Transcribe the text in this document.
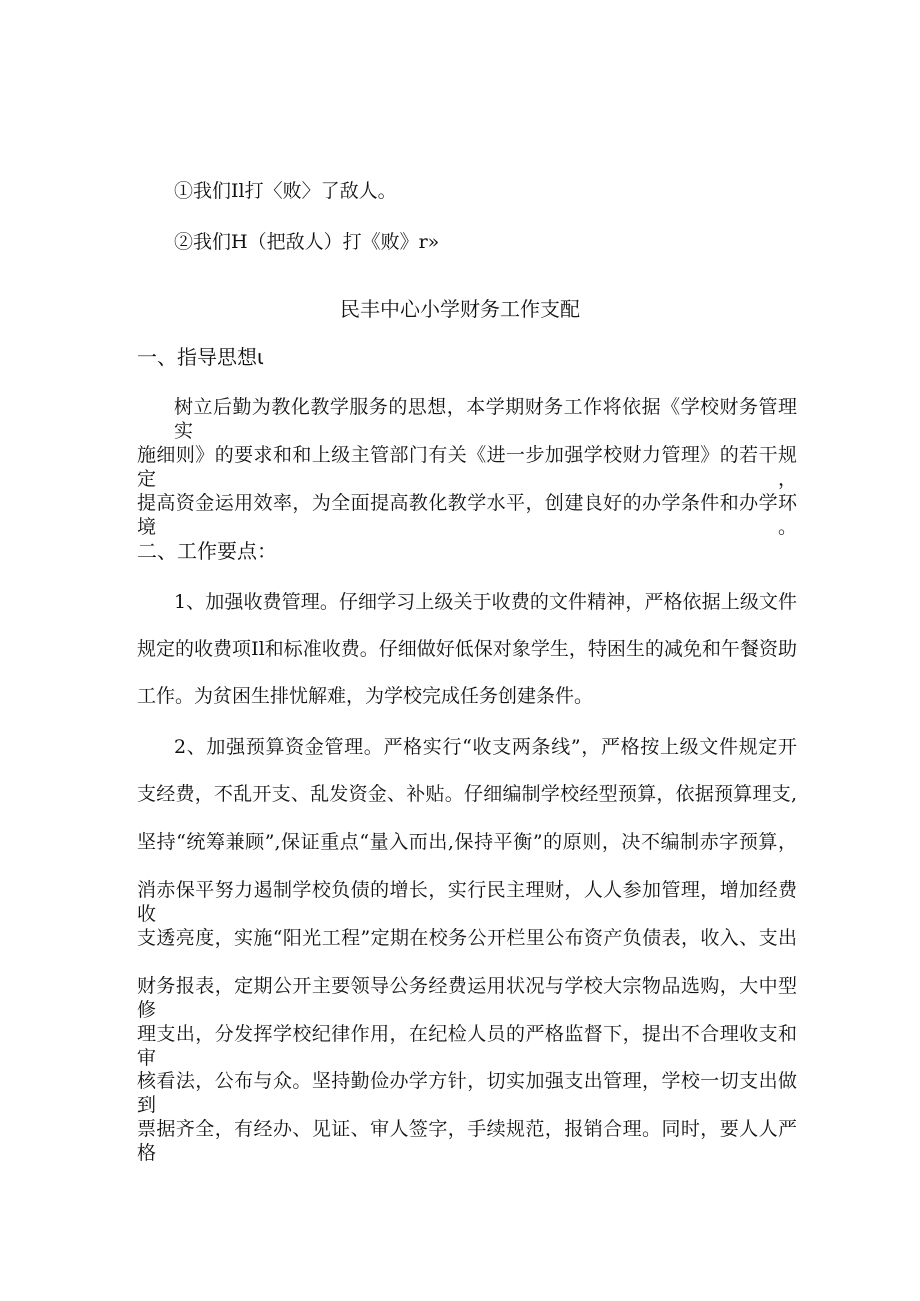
①我们Il打〈败〉了敌人。
②我们H（把敌人）打《败》r»
民丰中心小学财务工作支配
一、指导思想ι
树立后勤为教化教学服务的思想，本学期财务工作将依据《学校财务管理实
施细则》的要求和和上级主管部门有关《进一步加强学校财力管理》的若干规定，
提高资金运用效率，为全面提高教化教学水平，创建良好的办学条件和办学环境。
二、工作要点：
1、加强收费管理。仔细学习上级关于收费的文件精神，严格依据上级文件
规定的收费项Il和标准收费。仔细做好低保对象学生，特困生的减免和午餐资助
工作。为贫困生排忧解难，为学校完成任务创建条件。
2、加强预算资金管理。严格实行“收支两条线”，严格按上级文件规定开
支经费，不乱开支、乱发资金、补贴。仔细编制学校经型预算，依据预算理支,
坚持“统筹兼顾”,保证重点“量入而出,保持平衡”的原则，决不编制赤字预算，
消赤保平努力遏制学校负债的增长，实行民主理财，人人参加管理，增加经费收
支透亮度，实施“阳光工程”定期在校务公开栏里公布资产负债表，收入、支出
财务报表，定期公开主要领导公务经费运用状况与学校大宗物品选购，大中型修
理支出，分发挥学校纪律作用，在纪检人员的严格监督下，提出不合理收支和审
核看法，公布与众。坚持勤俭办学方针，切实加强支出管理，学校一切支出做到
票据齐全，有经办、见证、审人签字，手续规范，报销合理。同时，要人人严格
